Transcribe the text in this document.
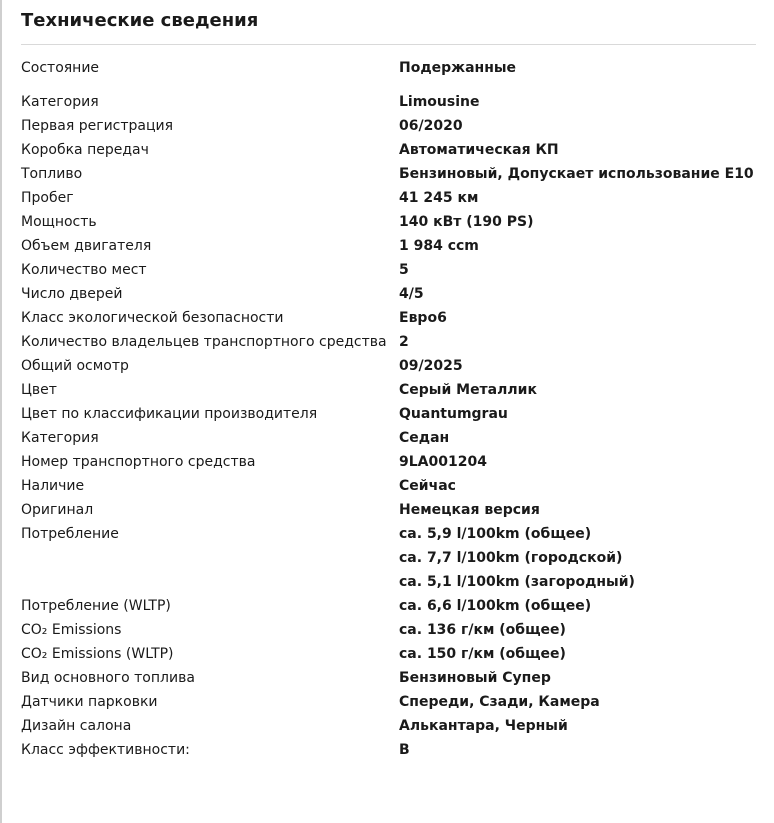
Технические сведения
Состояние	Подержанные
Категория	Limousine
Первая регистрация	06/2020
Коробка передач	Автоматическая КП
Топливо	Бензиновый, Допускает использование E10
Пробег	41 245 км
Мощность	140 кВт (190 PS)
Объем двигателя	1 984 ccm
Количество мест	5
Число дверей	4/5
Класс экологической безопасности	Евро6
Количество владельцев транспортного средства 2
Общий осмотр	09/2025
Цвет	Серый Металлик
Цвет по классификации производителя	Quantumgrau
Категория	Седан
Номер транспортного средства	9LA001204
Наличие	Сейчас
Оригинал	Немецкая версия
Потребление	ca. 5,9 l/100km (общее)
ca. 7,7 l/100km (городской)
ca. 5,1 l/100km (загородный)
Потребление (WLTP)	ca. 6,6 l/100km (общее)
CO₂ Emissions	ca. 136 г/км (общее)
CO₂ Emissions (WLTP)	ca. 150 г/км (общее)
Вид основного топлива	Бензиновый Супер
Датчики парковки	Спереди, Сзади, Камера
Дизайн салона	Алькантара, Черный
Класс эффективности:	B
